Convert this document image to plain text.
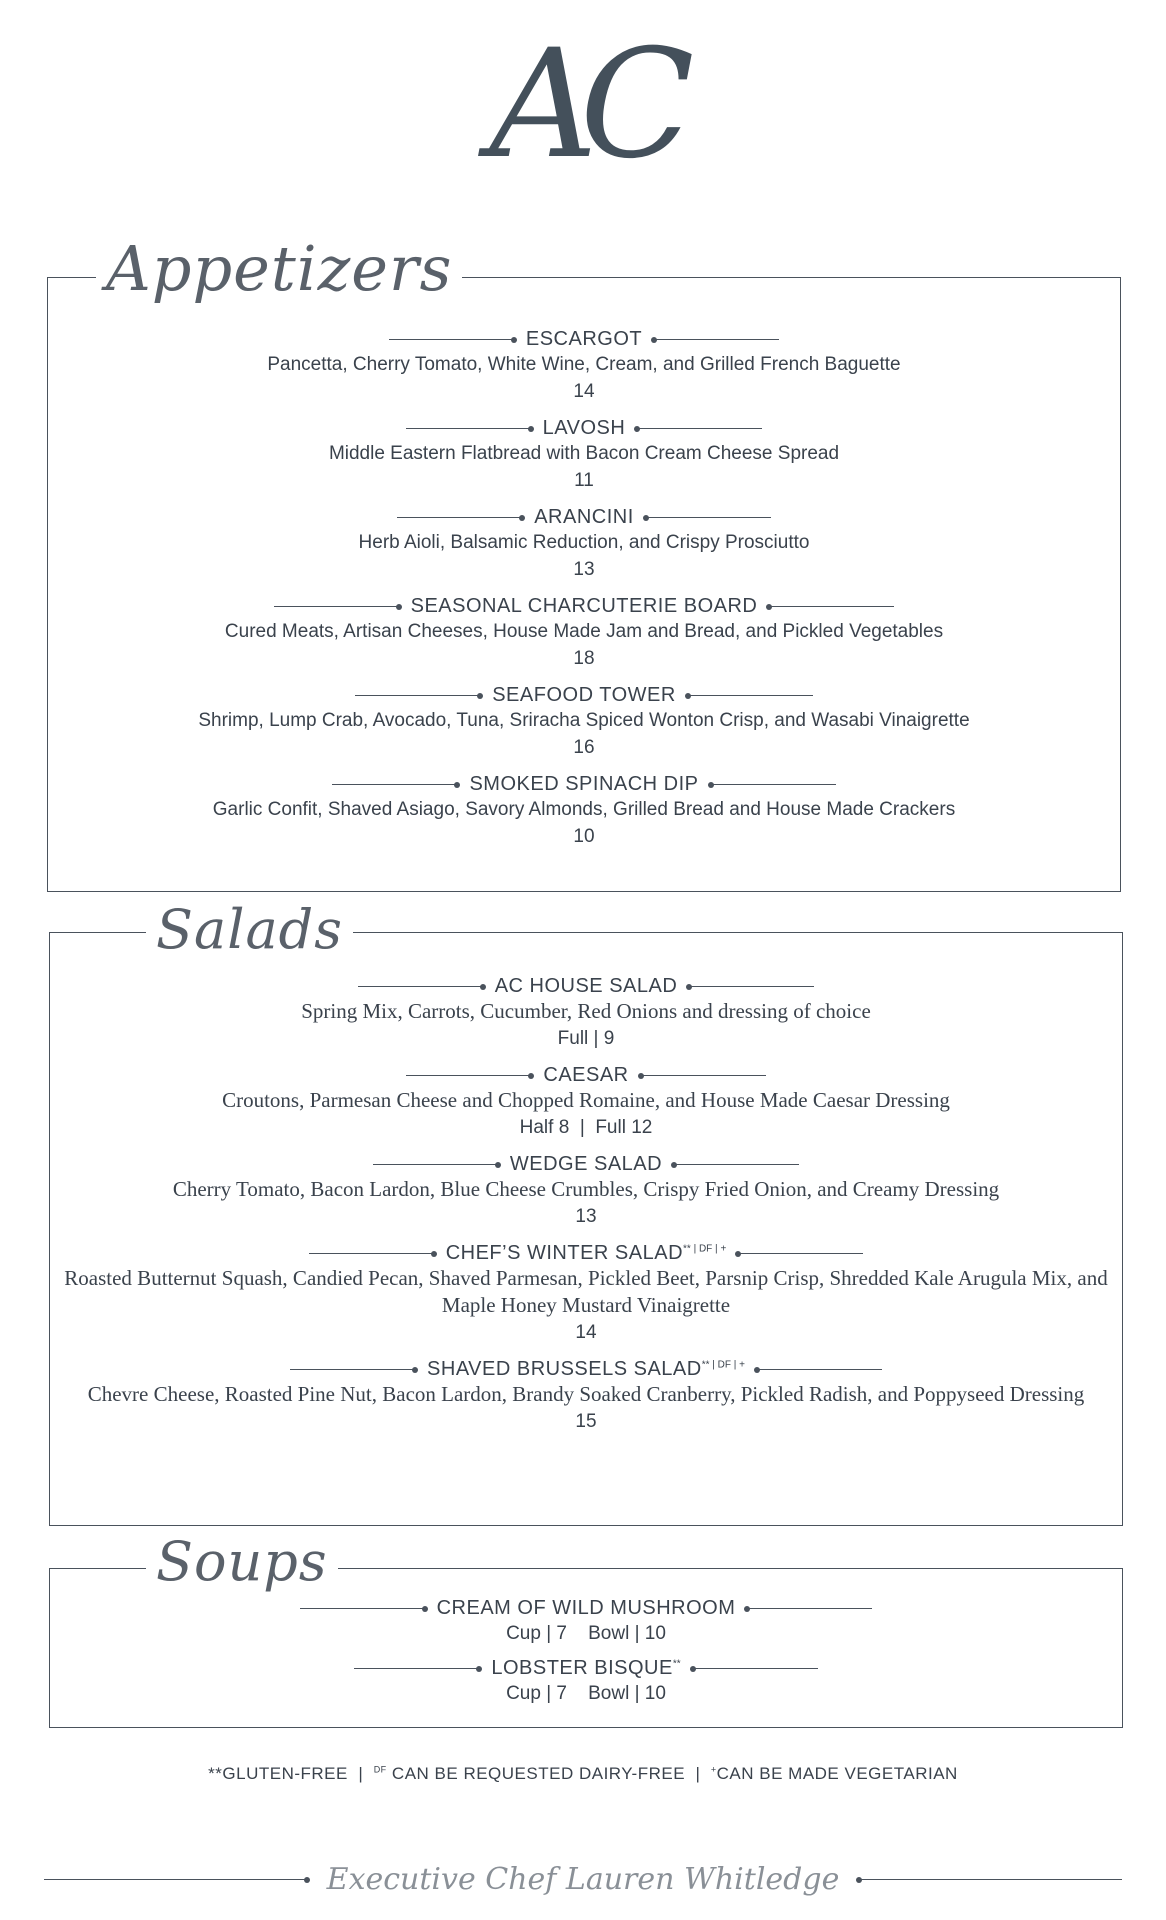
AC
Appetizers
ESCARGOT
Pancetta, Cherry Tomato, White Wine, Cream, and Grilled French Baguette
14
LAVOSH
Middle Eastern Flatbread with Bacon Cream Cheese Spread
11
ARANCINI
Herb Aioli, Balsamic Reduction, and Crispy Prosciutto
13
SEASONAL CHARCUTERIE BOARD
Cured Meats, Artisan Cheeses, House Made Jam and Bread, and Pickled Vegetables
18
SEAFOOD TOWER
Shrimp, Lump Crab, Avocado, Tuna, Sriracha Spiced Wonton Crisp, and Wasabi Vinaigrette
16
SMOKED SPINACH DIP
Garlic Confit, Shaved Asiago, Savory Almonds, Grilled Bread and House Made Crackers
10
Salads
AC HOUSE SALAD
Spring Mix, Carrots, Cucumber, Red Onions and dressing of choice
Full | 9
CAESAR
Croutons, Parmesan Cheese and Chopped Romaine, and House Made Caesar Dressing
Half 8  |  Full 12
WEDGE SALAD
Cherry Tomato, Bacon Lardon, Blue Cheese Crumbles, Crispy Fried Onion, and Creamy Dressing
13
CHEF’S WINTER $SALAD^{** | DF | +}$
Roasted Butternut Squash, Candied Pecan, Shaved Parmesan, Pickled Beet, Parsnip Crisp, Shredded Kale Arugula Mix, and Maple Honey Mustard Vinaigrette
14
SHAVED BRUSSELS $SALAD^{** | DF | +}$
Chevre Cheese, Roasted Pine Nut, Bacon Lardon, Brandy Soaked Cranberry, Pickled Radish, and Poppyseed Dressing
15
Soups
CREAM OF WILD MUSHROOM
Cup | 7    Bowl | 10
LOBSTER BISQUE**
Cup | 7    Bowl | 10
**GLUTEN-FREE | $^{DF}$ CAN BE REQUESTED DAIRY-FREE | +CAN BE MADE VEGETARIAN
Executive Chef Lauren Whitledge
